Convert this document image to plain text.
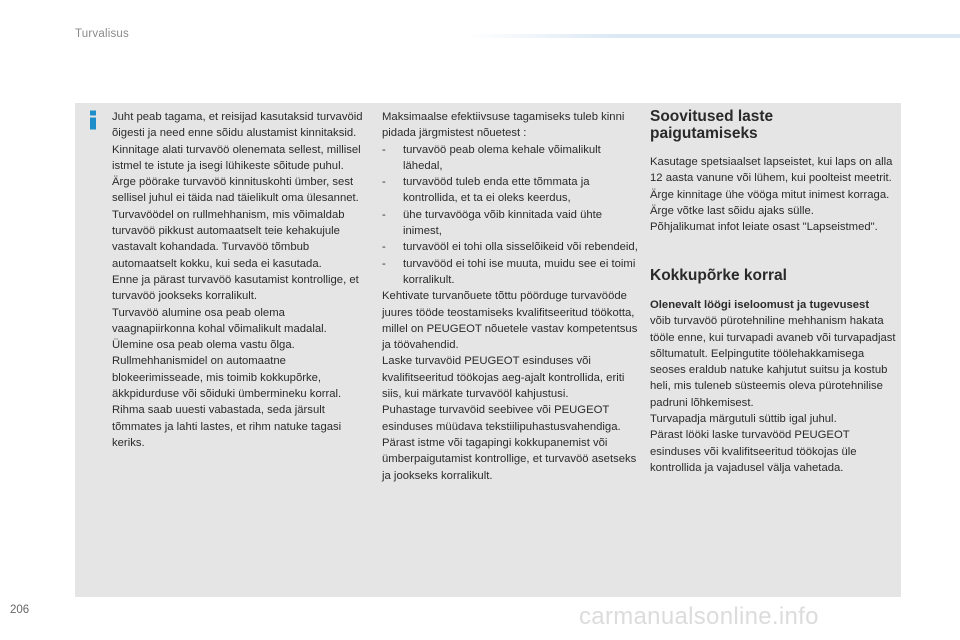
Turvalisus

Juht peab tagama, et reisijad kasutaksid turvavöid õigesti ja need enne sõidu alustamist kinnitaksid.

Kinnitage alati turvavöö olenemata sellest, millisel istmel te istute ja isegi lühikeste sõitude puhul.

Ärge pöörake turvavöö kinnituskohti ümber, sest sellisel juhul ei täida nad täielikult oma ülesannet.

Turvavöödel on rullmehhanism, mis võimaldab turvavöö pikkust automaatselt teie kehakujule vastavalt kohandada. Turvavöö tõmbub automaatselt kokku, kui seda ei kasutada.

Enne ja pärast turvavöö kasutamist kontrollige, et turvavöö jookseks korralikult.

Turvavöö alumine osa peab olema vaagnapiirkonna kohal võimalikult madalal.

Ülemine osa peab olema vastu õlga.

Rullmehhanismidel on automaatne blokeerimisseade, mis toimib kokkupõrke, äkkpidurduse või sõiduki ümbermineku korral. Rihma saab uuesti vabastada, seda järsult tõmmates ja lahti lastes, et rihm natuke tagasi keriks.

Maksimaalse efektiivsuse tagamiseks tuleb kinni pidada järgmistest nõuetest :

-	turvavöö peab olema kehale võimalikult lähedal,
-	turvavööd tuleb enda ette tõmmata ja kontrollida, et ta ei oleks keerdus,
-	ühe turvavööga võib kinnitada vaid ühte inimest,
-	turvavööl ei tohi olla sisselõikeid või rebendeid,
-	turvavööd ei tohi ise muuta, muidu see ei toimi korralikult.

Kehtivate turvanõuete tõttu pöörduge turvavööde juures tööde teostamiseks kvalifitseeritud töökotta, millel on PEUGEOT nõuetele vastav kompetentsus ja töövahendid.

Laske turvavöid PEUGEOT esinduses või kvalifitseeritud töökojas aeg-ajalt kontrollida, eriti siis, kui märkate turvavööl kahjustusi.

Puhastage turvavöid seebivee või PEUGEOT esinduses müüdava tekstiilipuhastusvahendiga.

Pärast istme või tagapingi kokkupanemist või ümberpaigutamist kontrollige, et turvavöö asetseks ja jookseks korralikult.

Soovitused laste
paigutamiseks

Kasutage spetsiaalset lapseistet, kui laps on alla 12 aasta vanune või lühem, kui poolteist meetrit.

Ärge kinnitage ühe vööga mitut inimest korraga.

Ärge võtke last sõidu ajaks sülle.

Põhjalikumat infot leiate osast "Lapseistmed".

Kokkupõrke korral

Olenevalt löögi iseloomust ja tugevusest
võib turvavöö pürotehniline mehhanism hakata tööle enne, kui turvapadi avaneb või turvapadjast sõltumatult. Eelpingutite töölehakkamisega seoses eraldub natuke kahjutut suitsu ja kostub heli, mis tuleneb süsteemis oleva pürotehnilise padruni lõhkemisest.

Turvapadja märgutuli süttib igal juhul.

Pärast lööki laske turvavööd PEUGEOT esinduses või kvalifitseeritud töökojas üle kontrollida ja vajadusel välja vahetada.

206	carmanualsonline.info
